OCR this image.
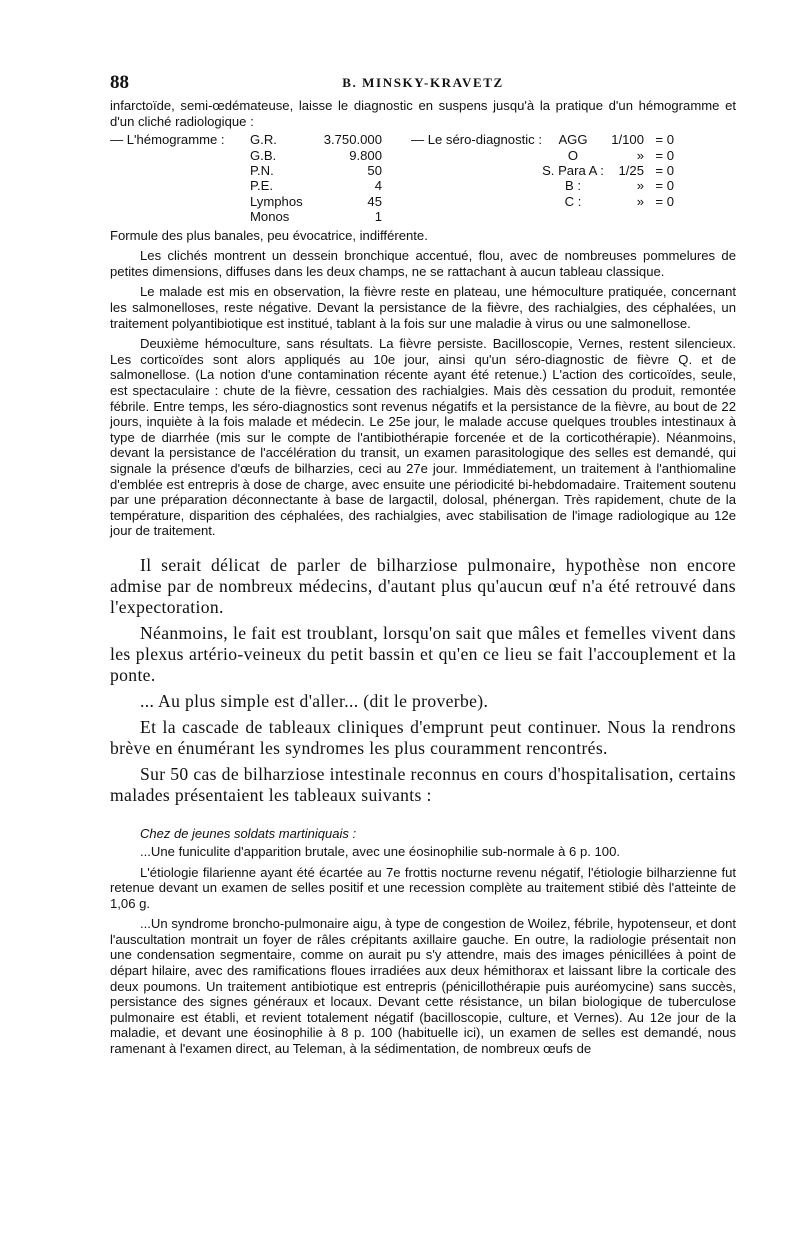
88	B. MINSKY-KRAVETZ

infarctoïde, semi-œdémateuse, laisse le diagnostic en suspens jusqu'à la pratique d'un hémogramme et d'un cliché radiologique :

— L'hémogramme :	G.R.	3.750.000	— Le séro-diagnostic :	AGG	1/100 = 0
G.B.	9.800	O	» = 0
P.N.	50	S. Para A :	1/25 = 0
P.E.	4	B :	» = 0
Lymphos	45	C :	» = 0
Monos	1

Formule des plus banales, peu évocatrice, indifférente.

Les clichés montrent un dessein bronchique accentué, flou, avec de nombreuses pommelures de petites dimensions, diffuses dans les deux champs, ne se rattachant à aucun tableau classique.

Le malade est mis en observation, la fièvre reste en plateau, une hémoculture pratiquée, concernant les salmonelloses, reste négative. Devant la persistance de la fièvre, des rachialgies, des céphalées, un traitement polyantibiotique est institué, tablant à la fois sur une maladie à virus ou une salmonellose.

Deuxième hémoculture, sans résultats. La fièvre persiste. Bacilloscopie, Vernes, restent silencieux. Les corticoïdes sont alors appliqués au 10e jour, ainsi qu'un séro-diagnostic de fièvre Q. et de salmonellose. (La notion d'une contamination récente ayant été retenue.) L'action des corticoïdes, seule, est spectaculaire : chute de la fièvre, cessation des rachialgies. Mais dès cessation du produit, remontée fébrile. Entre temps, les séro-diagnostics sont revenus négatifs et la persistance de la fièvre, au bout de 22 jours, inquiète à la fois malade et médecin. Le 25e jour, le malade accuse quelques troubles intestinaux à type de diarrhée (mis sur le compte de l'antibiothérapie forcenée et de la corticothérapie). Néanmoins, devant la persistance de l'accélération du transit, un examen parasitologique des selles est demandé, qui signale la présence d'œufs de bilharzies, ceci au 27e jour. Immédiatement, un traitement à l'anthiomaline d'emblée est entrepris à dose de charge, avec ensuite une périodicité bi-hebdomadaire. Traitement soutenu par une préparation déconnectante à base de largactil, dolosal, phénergan. Très rapidement, chute de la température, disparition des céphalées, des rachialgies, avec stabilisation de l'image radiologique au 12e jour de traitement.

Il serait délicat de parler de bilharziose pulmonaire, hypothèse non encore admise par de nombreux médecins, d'autant plus qu'aucun œuf n'a été retrouvé dans l'expectoration.

Néanmoins, le fait est troublant, lorsqu'on sait que mâles et femelles vivent dans les plexus artério-veineux du petit bassin et qu'en ce lieu se fait l'accouplement et la ponte.

... Au plus simple est d'aller... (dit le proverbe).

Et la cascade de tableaux cliniques d'emprunt peut continuer. Nous la rendrons brève en énumérant les syndromes les plus couramment rencontrés.

Sur 50 cas de bilharziose intestinale reconnus en cours d'hospitalisation, certains malades présentaient les tableaux suivants :

Chez de jeunes soldats martiniquais :

...Une funiculite d'apparition brutale, avec une éosinophilie sub-normale à 6 p. 100.

L'étiologie filarienne ayant été écartée au 7e frottis nocturne revenu négatif, l'étiologie bilharzienne fut retenue devant un examen de selles positif et une recession complète au traitement stibié dès l'atteinte de 1,06 g.

...Un syndrome broncho-pulmonaire aigu, à type de congestion de Woilez, fébrile, hypotenseur, et dont l'auscultation montrait un foyer de râles crépitants axillaire gauche. En outre, la radiologie présentait non une condensation segmentaire, comme on aurait pu s'y attendre, mais des images pénicillées à point de départ hilaire, avec des ramifications floues irradiées aux deux hémithorax et laissant libre la corticale des deux poumons. Un traitement antibiotique est entrepris (pénicillothérapie puis auréomycine) sans succès, persistance des signes généraux et locaux. Devant cette résistance, un bilan biologique de tuberculose pulmonaire est établi, et revient totalement négatif (bacilloscopie, culture, et Vernes). Au 12e jour de la maladie, et devant une éosinophilie à 8 p. 100 (habituelle ici), un examen de selles est demandé, nous ramenant à l'examen direct, au Teleman, à la sédimentation, de nombreux œufs de
